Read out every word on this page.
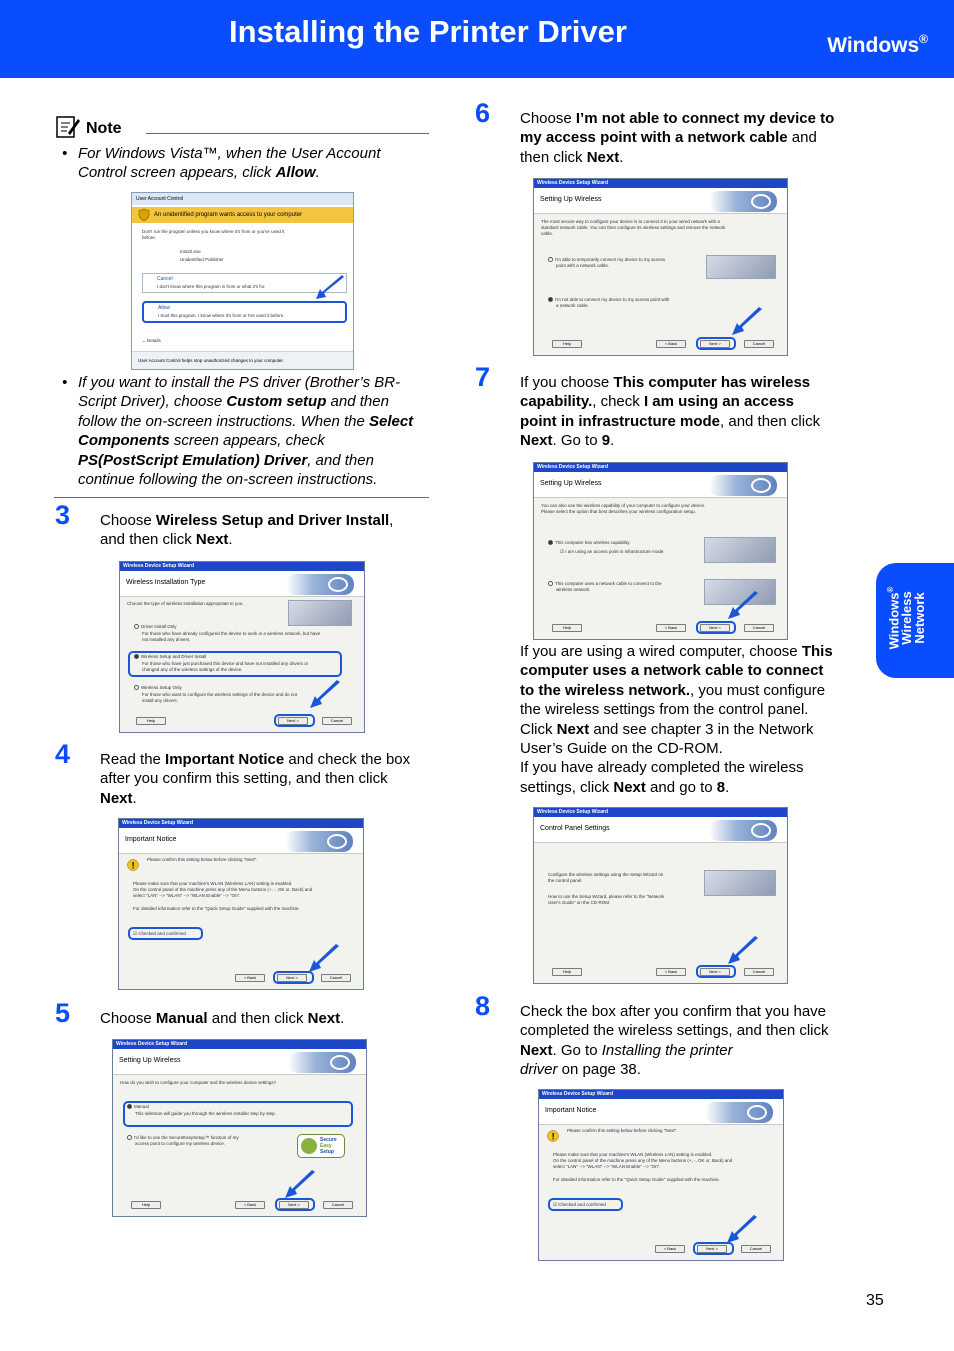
Installing the Printer Driver	Windows®
Windows®
Wireless
Network
Note
• For Windows Vista™, when the User Account Control screen appears, click Allow.
User Account Control
An unidentified program wants access to your computer
Don't run the program unless you know where it's from or you've used it
before.
Inst32.exe
Unidentified Publisher
Cancel
I don't know where this program is from or what it's for.
Allow
I trust this program. I know where it's from or I've used it before.
⌄ Details
User Account Control helps stop unauthorized changes to your computer.
• If you want to install the PS driver (Brother’s BR-Script Driver), choose Custom setup and then follow the on-screen instructions. When the Select Components screen appears, check PS(PostScript Emulation) Driver, and then continue following the on-screen instructions.
3 Choose Wireless Setup and Driver Install,
and then click Next.
Wireless Device Setup Wizard
Wireless Installation Type
Choose the type of wireless installation appropriate to you.
Driver Install Only
For those who have already configured the device to work in a wireless network, but have
not installed any drivers.
Wireless Setup and Driver Install
For those who have just purchased this device and have not installed any drivers or
changed any of the wireless settings of the device.
Wireless Setup Only
For those who want to configure the wireless settings of the device and do not
install any drivers.
Help	Next >	Cancel
4 Read the Important Notice and check the box
after you confirm this setting, and then click
Next.
Wireless Device Setup Wizard
Important Notice
!
Please confirm this setting below before clicking "Next".
Please make sure that your machine's WLAN (Wireless LAN) setting is enabled.
On the control panel of the machine press any of the Menu buttons (+, -, OK or, Back) and
select "LAN" --> "WLAN" --> "WLAN Enable" --> "On".
For detailed information refer to the "Quick Setup Guide" supplied with the machine.
☑ Checked and confirmed
< Back	Next >	Cancel
5 Choose Manual and then click Next.
Wireless Device Setup Wizard
Setting Up Wireless
How do you wish to configure your computer and the wireless device settings?
Manual
This selection will guide you through the wireless installer step by step.
I'd like to use the SecureEasySetup™ function of my
access point to configure my wireless device.
Secure
Easy
Setup
Help	< Back	Next >	Cancel
6 Choose I’m not able to connect my device to
my access point with a network cable and
then click Next.
Wireless Device Setup Wizard
Setting Up Wireless
The most secure way to configure your device is to connect it to your wired network with a
standard network cable. You can then configure its wireless settings and remove the network
cable.
I'm able to temporarily connect my device to my access
point with a network cable.
I'm not able to connect my device to my access point with
a network cable.
Help	< Back	Next >	Cancel
7 If you choose This computer has wireless
capability., check I am using an access
point in infrastructure mode, and then click
Next. Go to 9.
Wireless Device Setup Wizard
Setting Up Wireless
You can also use the wireless capability of your computer to configure your device.
Please select the option that best describes your wireless configuration setup.
This computer has wireless capability.
☑ I am using an access point in infrastructure mode.
This computer uses a network cable to connect to the
wireless network.
Help	< Back	Next >	Cancel
If you are using a wired computer, choose This
computer uses a network cable to connect
to the wireless network., you must configure
the wireless settings from the control panel.
Click Next and see chapter 3 in the Network
User’s Guide on the CD-ROM.
If you have already completed the wireless
settings, click Next and go to 8.
Wireless Device Setup Wizard
Control Panel Settings
Configure the wireless settings using the Setup Wizard on
the control panel.
How to use the Setup Wizard, please refer to the "Network
User's Guide" on the CD-ROM.
Help	< Back	Next >	Cancel
8 Check the box after you confirm that you have
completed the wireless settings, and then click
Next. Go to Installing the printer
driver on page 38.
Wireless Device Setup Wizard
Important Notice
!
Please confirm this setting below before clicking "Next".
Please make sure that your machine's WLAN (Wireless LAN) setting is enabled.
On the control panel of the machine press any of the Menu buttons (+, -, OK or, Back) and
select "LAN" --> "WLAN" --> "WLAN Enable" --> "On".
For detailed information refer to the "Quick Setup Guide" supplied with the machine.
☑ Checked and confirmed
< Back	Next >	Cancel
35
